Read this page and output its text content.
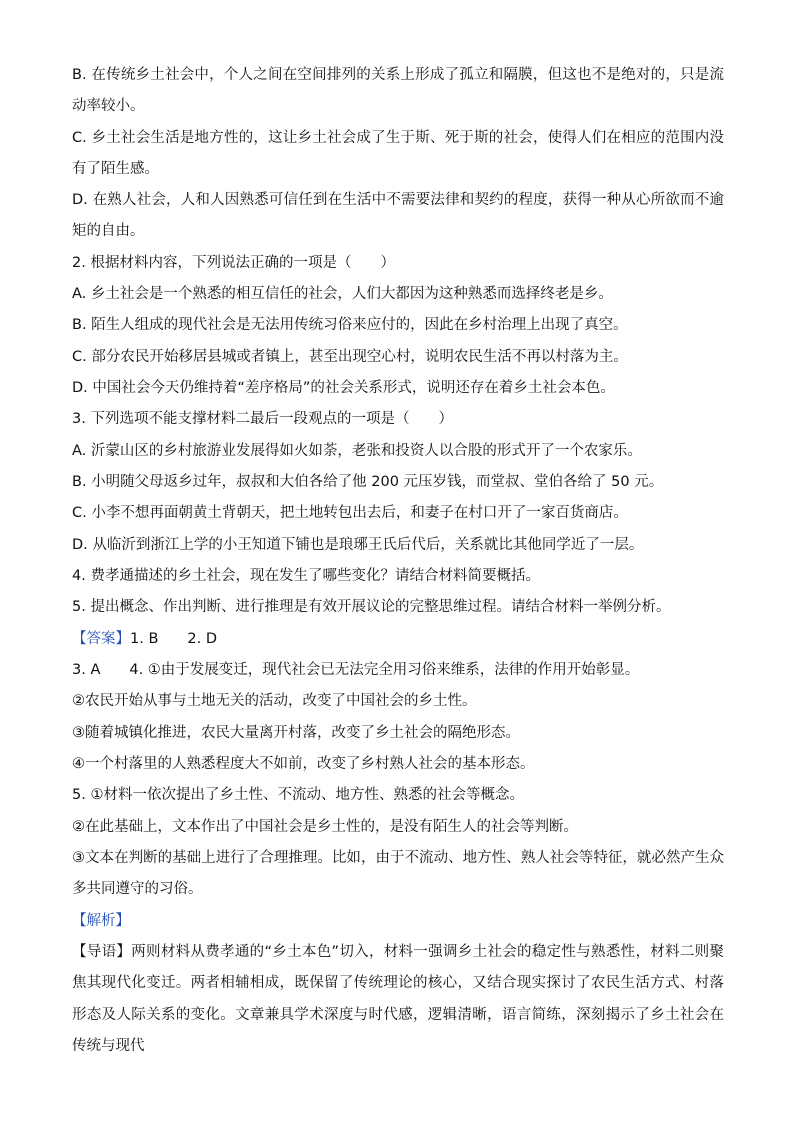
B. 在传统乡土社会中，个人之间在空间排列的关系上形成了孤立和隔膜，但这也不是绝对的，只是流动率较小。

C. 乡土社会生活是地方性的，这让乡土社会成了生于斯、死于斯的社会，使得人们在相应的范围内没有了陌生感。

D. 在熟人社会，人和人因熟悉可信任到在生活中不需要法律和契约的程度，获得一种从心所欲而不逾矩的自由。

2. 根据材料内容，下列说法正确的一项是（　　）

A. 乡土社会是一个熟悉的相互信任的社会，人们大都因为这种熟悉而选择终老是乡。

B. 陌生人组成的现代社会是无法用传统习俗来应付的，因此在乡村治理上出现了真空。

C. 部分农民开始移居县城或者镇上，甚至出现空心村，说明农民生活不再以村落为主。

D. 中国社会今天仍维持着“差序格局”的社会关系形式，说明还存在着乡土社会本色。

3. 下列选项不能支撑材料二最后一段观点的一项是（　　）

A. 沂蒙山区的乡村旅游业发展得如火如荼，老张和投资人以合股的形式开了一个农家乐。

B. 小明随父母返乡过年，叔叔和大伯各给了他 200 元压岁钱，而堂叔、堂伯各给了 50 元。

C. 小李不想再面朝黄土背朝天，把土地转包出去后，和妻子在村口开了一家百货商店。

D. 从临沂到浙江上学的小王知道下铺也是琅琊王氏后代后，关系就比其他同学近了一层。

4. 费孝通描述的乡土社会，现在发生了哪些变化？请结合材料简要概括。

5. 提出概念、作出判断、进行推理是有效开展议论的完整思维过程。请结合材料一举例分析。

【答案】1. B　　2. D

3. A　　4. ①由于发展变迁，现代社会已无法完全用习俗来维系，法律的作用开始彰显。

②农民开始从事与土地无关的活动，改变了中国社会的乡土性。

③随着城镇化推进，农民大量离开村落，改变了乡土社会的隔绝形态。

④一个村落里的人熟悉程度大不如前，改变了乡村熟人社会的基本形态。

5. ①材料一依次提出了乡土性、不流动、地方性、熟悉的社会等概念。

②在此基础上，文本作出了中国社会是乡土性的，是没有陌生人的社会等判断。

③文本在判断的基础上进行了合理推理。比如，由于不流动、地方性、熟人社会等特征，就必然产生众多共同遵守的习俗。

【解析】

【导语】两则材料从费孝通的“乡土本色”切入，材料一强调乡土社会的稳定性与熟悉性，材料二则聚焦其现代化变迁。两者相辅相成，既保留了传统理论的核心，又结合现实探讨了农民生活方式、村落形态及人际关系的变化。文章兼具学术深度与时代感，逻辑清晰，语言简练，深刻揭示了乡土社会在传统与现代
